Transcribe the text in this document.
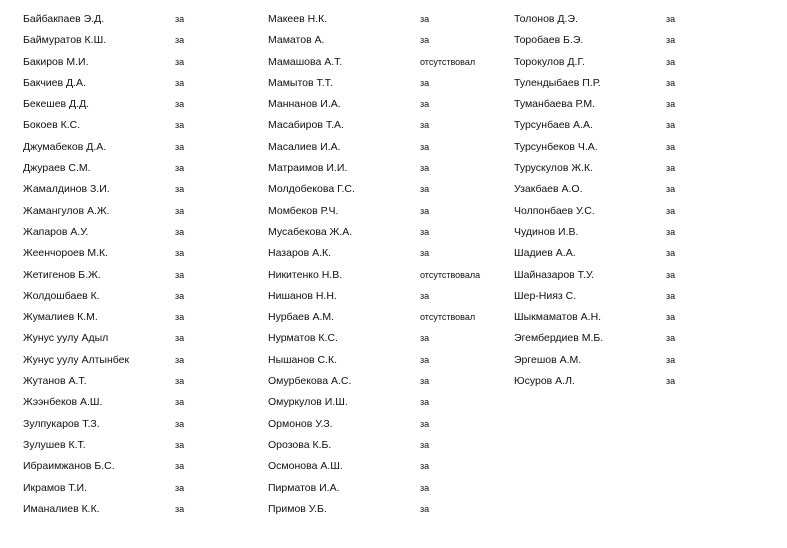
Байбакпаев Э.Д.	за
Баймуратов К.Ш.	за
Бакиров М.И.	за
Бакчиев Д.А.	за
Бекешев Д.Д.	за
Бокоев К.С.	за
Джумабеков Д.А.	за
Джураев С.М.	за
Жамалдинов З.И.	за
Жамангулов А.Ж.	за
Жапаров А.У.	за
Жеенчороев М.К.	за
Жетигенов Б.Ж.	за
Жолдошбаев К.	за
Жумалиев К.М.	за
Жунус уулу Адыл	за
Жунус уулу Алтынбек	за
Жутанов А.Т.	за
Жээнбеков А.Ш.	за
Зулпукаров Т.З.	за
Зулушев К.Т.	за
Ибраимжанов Б.С.	за
Икрамов Т.И.	за
Иманалиев К.К.	за
Макеев Н.К.	за
Маматов А.	за
Мамашова А.Т.	отсутствовал
Мамытов Т.Т.	за
Маннанов И.А.	за
Масабиров Т.А.	за
Масалиев И.А.	за
Матраимов И.И.	за
Молдобекова Г.С.	за
Момбеков Р.Ч.	за
Мусабекова Ж.А.	за
Назаров А.К.	за
Никитенко Н.В.	отсутствовала
Нишанов Н.Н.	за
Нурбаев А.М.	отсутствовал
Нурматов К.С.	за
Нышанов С.К.	за
Омурбекова А.С.	за
Омуркулов И.Ш.	за
Ормонов У.З.	за
Орозова К.Б.	за
Осмонова А.Ш.	за
Пирматов И.А.	за
Примов У.Б.	за
Толонов Д.Э.	за
Торобаев Б.Э.	за
Торокулов Д.Г.	за
Тулендыбаев П.Р.	за
Туманбаева Р.М.	за
Турсунбаев А.А.	за
Турсунбеков Ч.А.	за
Турускулов Ж.К.	за
Узакбаев А.О.	за
Чолпонбаев У.С.	за
Чудинов И.В.	за
Шадиев А.А.	за
Шайназаров Т.У.	за
Шер-Нияз С.	за
Шыкмаматов А.Н.	за
Эгембердиев М.Б.	за
Эргешов А.М.	за
Юсуров А.Л.	за
